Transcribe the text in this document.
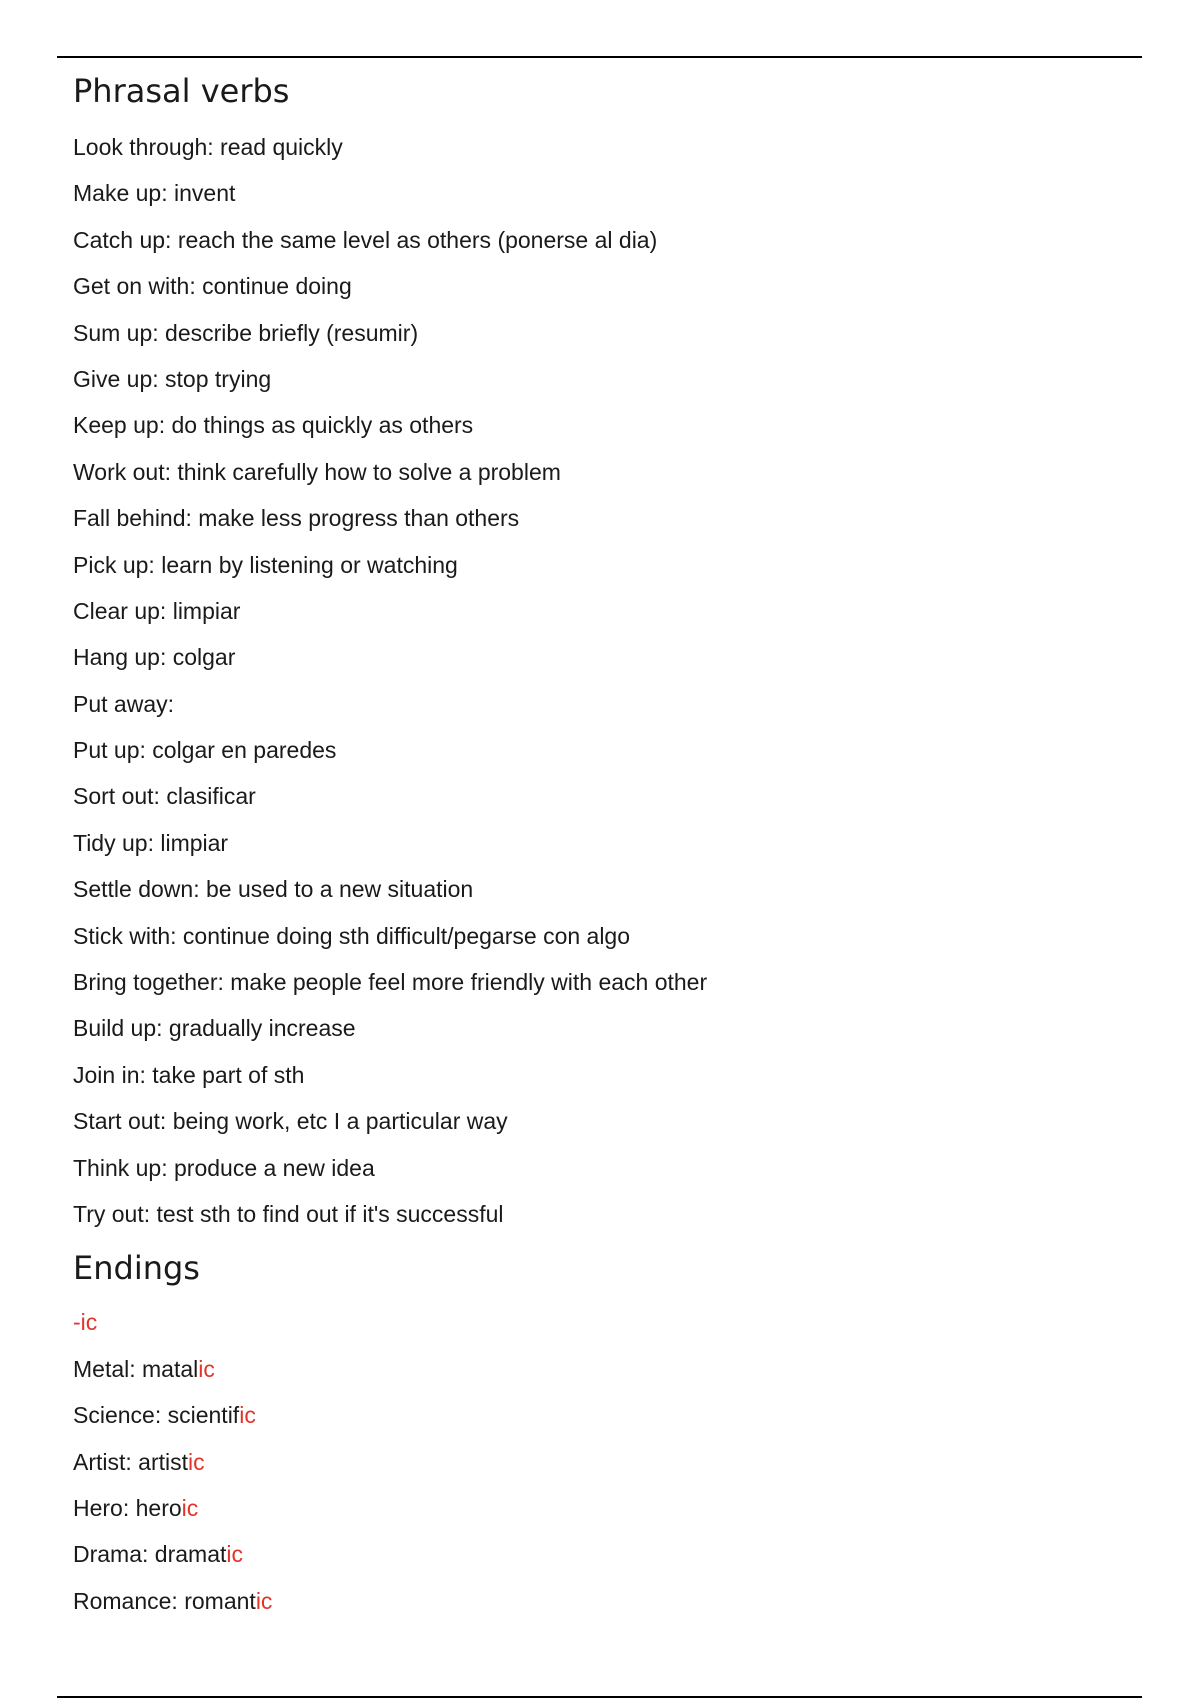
Phrasal verbs
Look through: read quickly
Make up: invent
Catch up: reach the same level as others (ponerse al dia)
Get on with: continue doing
Sum up: describe briefly (resumir)
Give up: stop trying
Keep up: do things as quickly as others
Work out: think carefully how to solve a problem
Fall behind: make less progress than others
Pick up: learn by listening or watching
Clear up: limpiar
Hang up: colgar
Put away:
Put up: colgar en paredes
Sort out: clasificar
Tidy up: limpiar
Settle down: be used to a new situation
Stick with: continue doing sth difficult/pegarse con algo
Bring together: make people feel more friendly with each other
Build up: gradually increase
Join in: take part of sth
Start out: being work, etc I a particular way
Think up: produce a new idea
Try out: test sth to find out if it's successful
Endings
-ic
Metal: matalic
Science: scientific
Artist: artistic
Hero: heroic
Drama: dramatic
Romance: romantic
